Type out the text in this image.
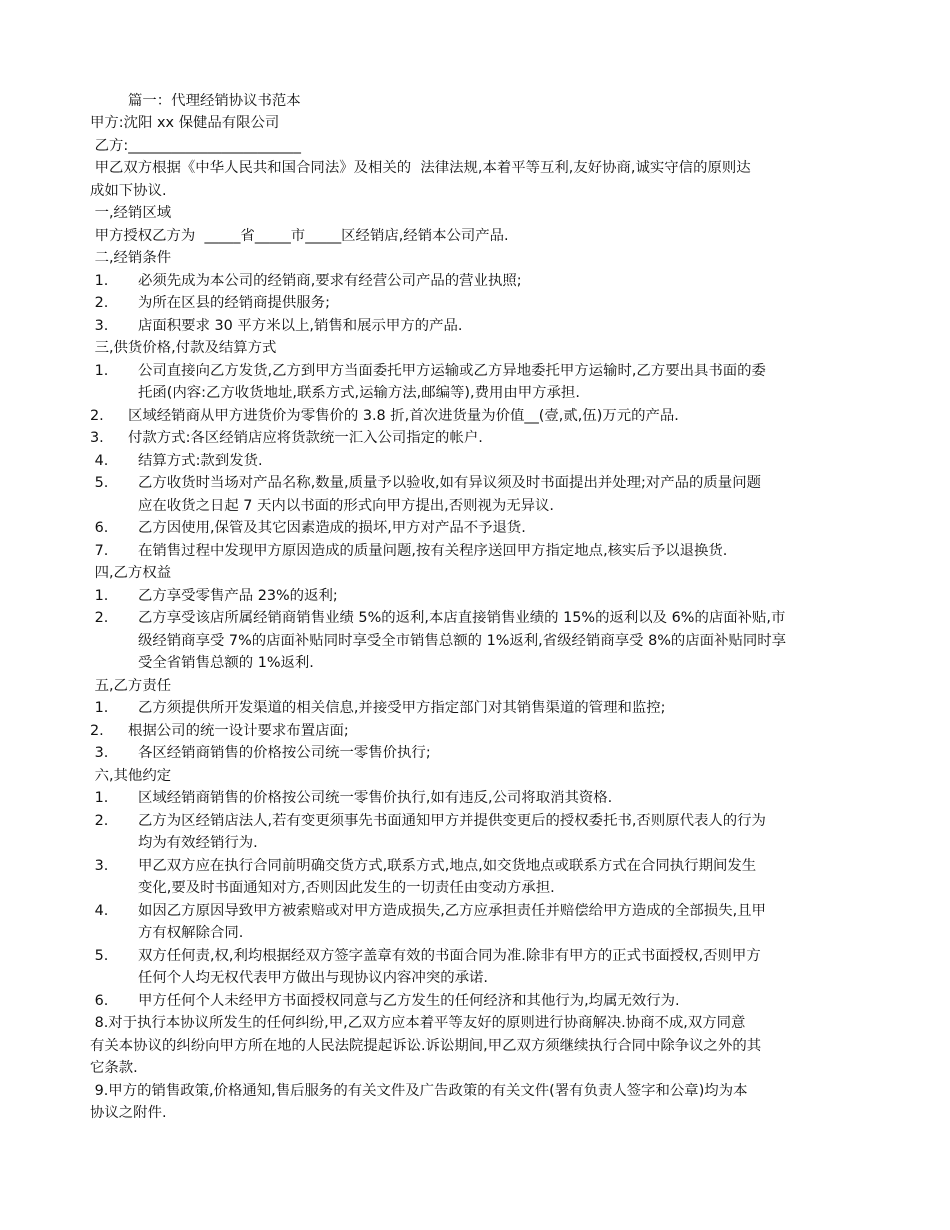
篇一：代理经销协议书范本
甲方:沈阳 xx 保健品有限公司
乙方:________________________
甲乙双方根据《中华人民共和国合同法》及相关的  法律法规,本着平等互利,友好协商,诚实守信的原则达
成如下协议.
一,经销区域
甲方授权乙方为  _____省_____市_____区经销店,经销本公司产品.
二,经销条件
1. 必须先成为本公司的经销商,要求有经营公司产品的营业执照;
2. 为所在区县的经销商提供服务;
3. 店面积要求 30 平方米以上,销售和展示甲方的产品.
三,供货价格,付款及结算方式
1. 公司直接向乙方发货,乙方到甲方当面委托甲方运输或乙方异地委托甲方运输时,乙方要出具书面的委
托函(内容:乙方收货地址,联系方式,运输方法,邮编等),费用由甲方承担.
2. 区域经销商从甲方进货价为零售价的 3.8 折,首次进货量为价值__(壹,贰,伍)万元的产品.
3. 付款方式:各区经销店应将货款统一汇入公司指定的帐户.
4. 结算方式:款到发货.
5. 乙方收货时当场对产品名称,数量,质量予以验收,如有异议须及时书面提出并处理;对产品的质量问题
应在收货之日起 7 天内以书面的形式向甲方提出,否则视为无异议.
6. 乙方因使用,保管及其它因素造成的损坏,甲方对产品不予退货.
7. 在销售过程中发现甲方原因造成的质量问题,按有关程序送回甲方指定地点,核实后予以退换货.
四,乙方权益
1. 乙方享受零售产品 23%的返利;
2. 乙方享受该店所属经销商销售业绩 5%的返利,本店直接销售业绩的 15%的返利以及 6%的店面补贴,市
级经销商享受 7%的店面补贴同时享受全市销售总额的 1%返利,省级经销商享受 8%的店面补贴同时享
受全省销售总额的 1%返利.
五,乙方责任
1. 乙方须提供所开发渠道的相关信息,并接受甲方指定部门对其销售渠道的管理和监控;
2. 根据公司的统一设计要求布置店面;
3. 各区经销商销售的价格按公司统一零售价执行;
六,其他约定
1. 区域经销商销售的价格按公司统一零售价执行,如有违反,公司将取消其资格.
2. 乙方为区经销店法人,若有变更须事先书面通知甲方并提供变更后的授权委托书,否则原代表人的行为
均为有效经销行为.
3. 甲乙双方应在执行合同前明确交货方式,联系方式,地点,如交货地点或联系方式在合同执行期间发生
变化,要及时书面通知对方,否则因此发生的一切责任由变动方承担.
4. 如因乙方原因导致甲方被索赔或对甲方造成损失,乙方应承担责任并赔偿给甲方造成的全部损失,且甲
方有权解除合同.
5. 双方任何责,权,利均根据经双方签字盖章有效的书面合同为准.除非有甲方的正式书面授权,否则甲方
任何个人均无权代表甲方做出与现协议内容冲突的承诺.
6. 甲方任何个人未经甲方书面授权同意与乙方发生的任何经济和其他行为,均属无效行为.
8.对于执行本协议所发生的任何纠纷,甲,乙双方应本着平等友好的原则进行协商解决.协商不成,双方同意
有关本协议的纠纷向甲方所在地的人民法院提起诉讼.诉讼期间,甲乙双方须继续执行合同中除争议之外的其
它条款.
9.甲方的销售政策,价格通知,售后服务的有关文件及广告政策的有关文件(署有负责人签字和公章)均为本
协议之附件.
